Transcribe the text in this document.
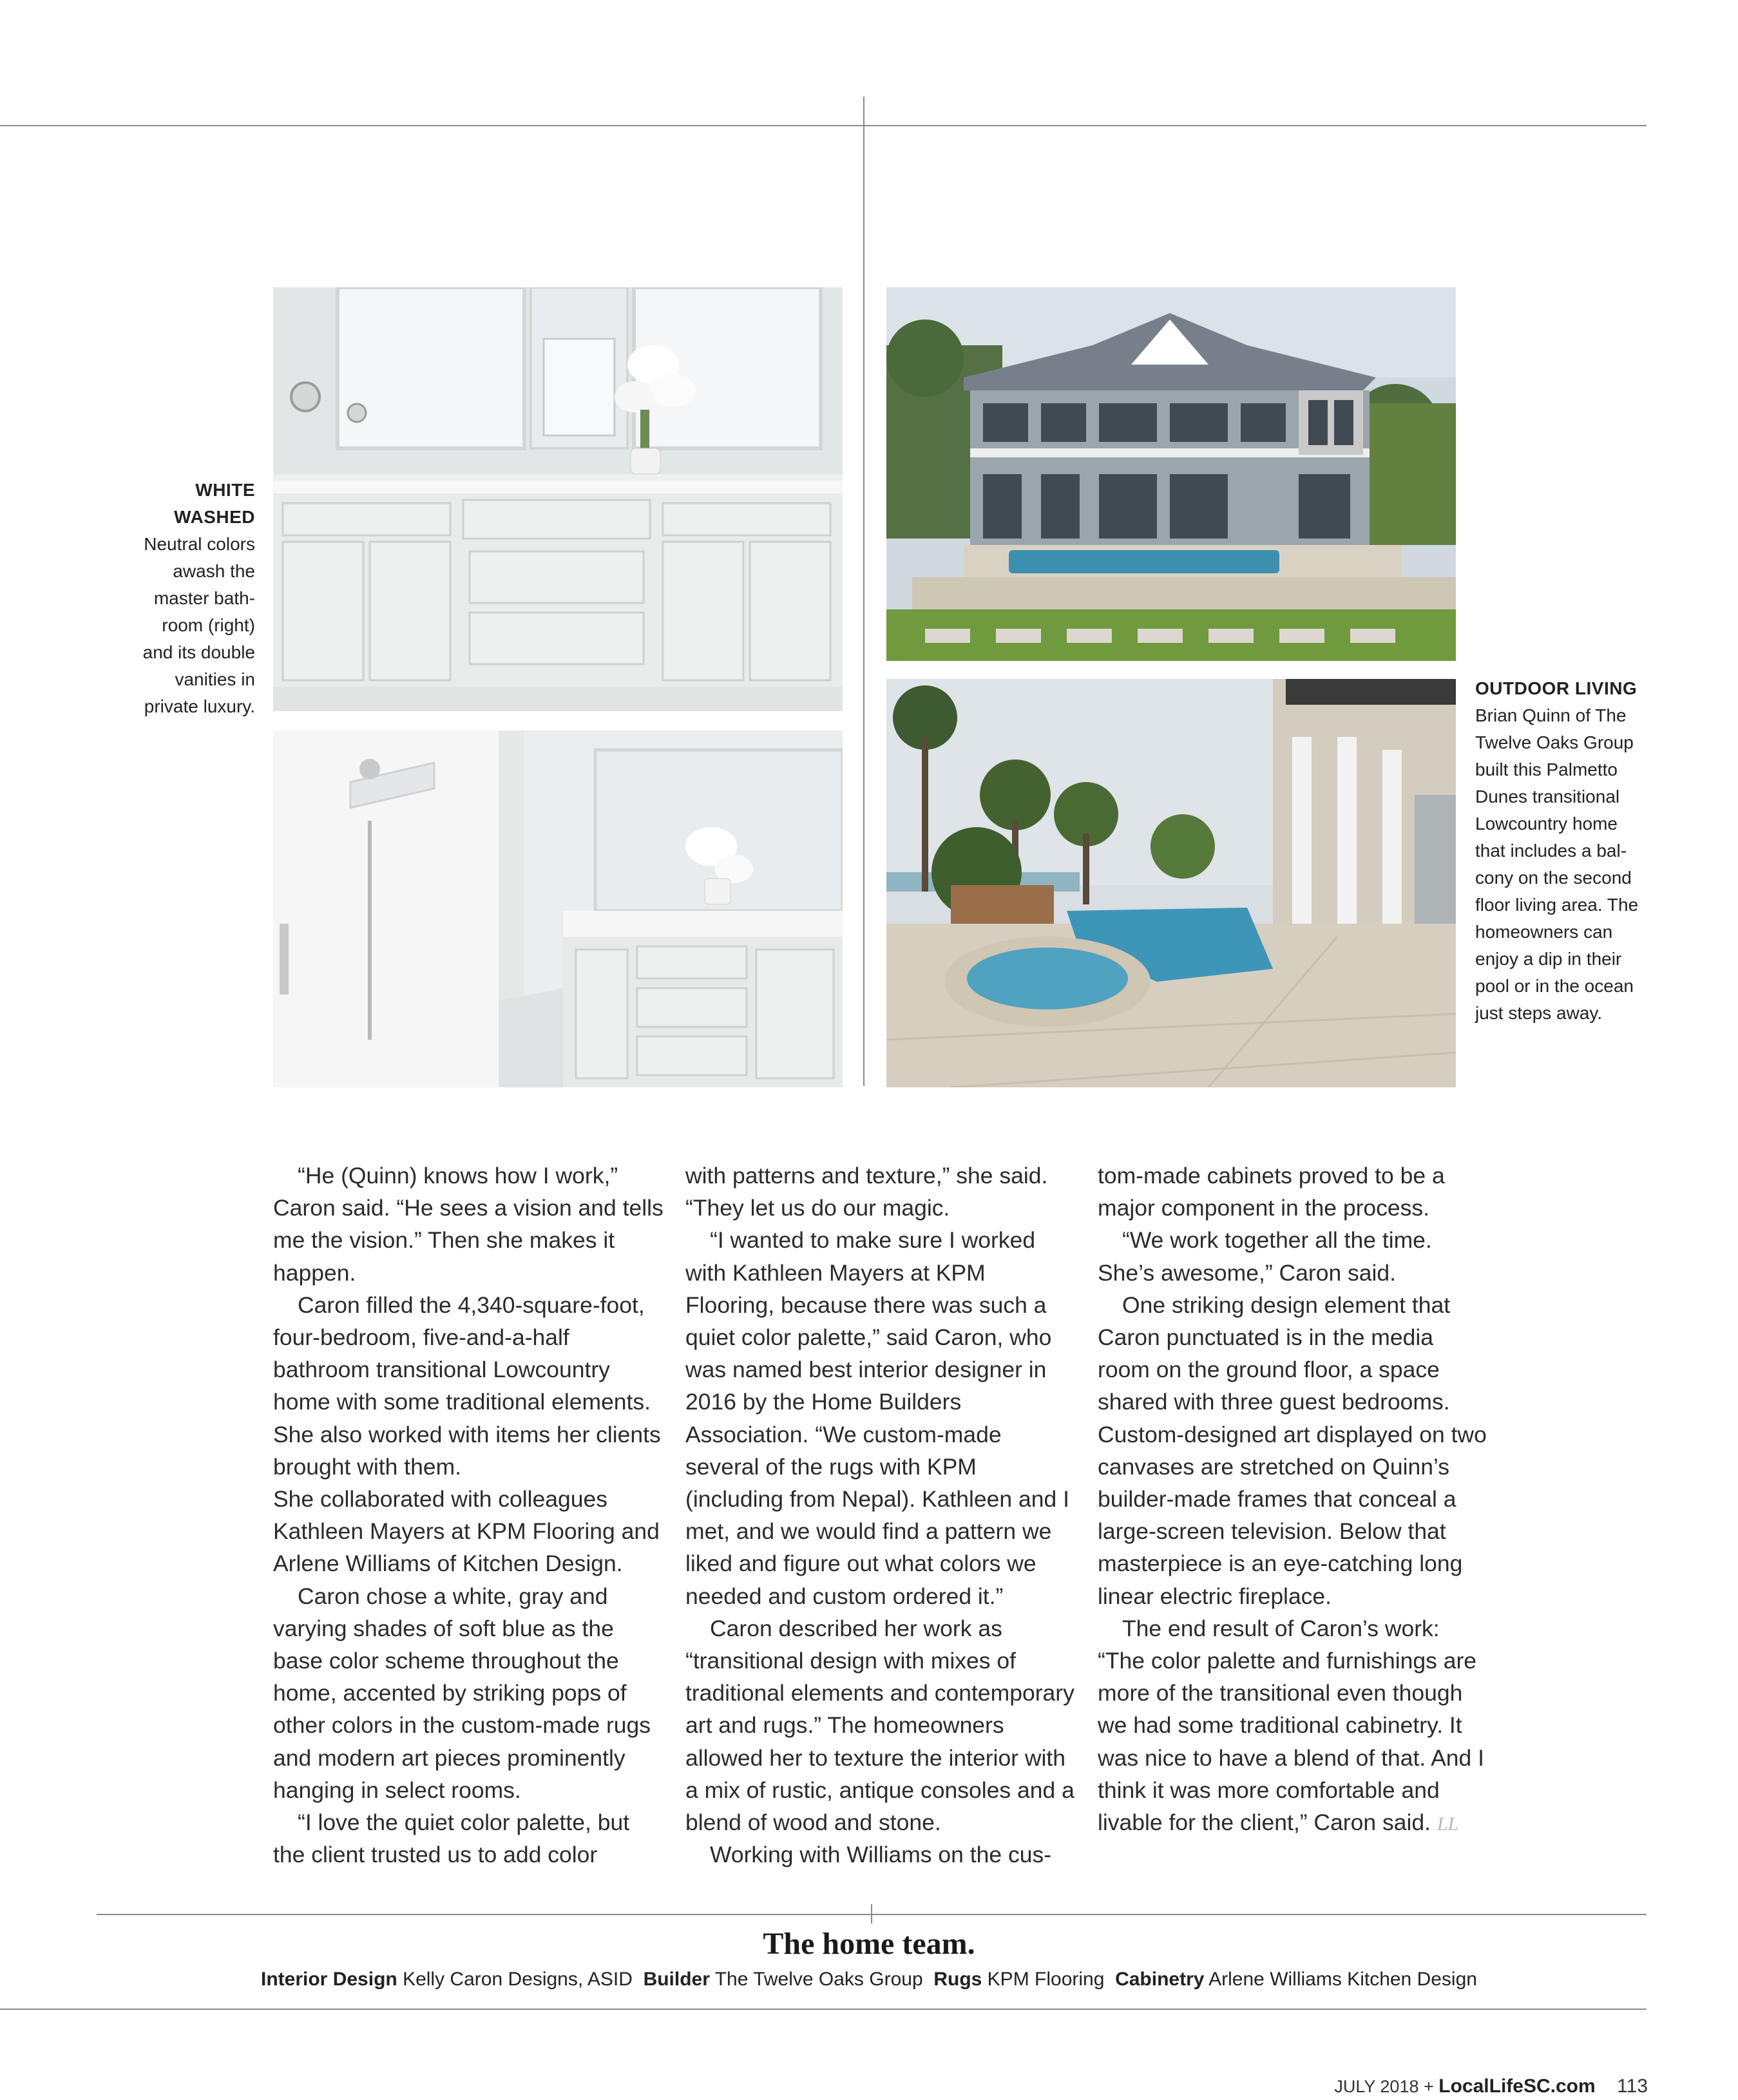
WHITE
WASHED
Neutral colors
awash the
master bath-
room (right)
and its double
vanities in
private luxury.
OUTDOOR LIVING
Brian Quinn of The
Twelve Oaks Group
built this Palmetto
Dunes transitional
Lowcountry home
that includes a bal-
cony on the second
floor living area. The
homeowners can
enjoy a dip in their
pool or in the ocean
just steps away.

“He (Quinn) knows how I work,” Caron said. “He sees a vision and tells me the vision.” Then she makes it happen.

Caron filled the 4,340-square-foot, four-bedroom, five-and-a-half bathroom transitional Lowcountry home with some traditional elements. She also worked with items her clients brought with them.

She collaborated with colleagues Kathleen Mayers at KPM Flooring and Arlene Williams of Kitchen Design.

Caron chose a white, gray and varying shades of soft blue as the base color scheme throughout the home, accented by striking pops of other colors in the custom-made rugs and modern art pieces prominently hanging in select rooms.

“I love the quiet color palette, but the client trusted us to add color

with patterns and texture,” she said. “They let us do our magic.

“I wanted to make sure I worked with Kathleen Mayers at KPM Flooring, because there was such a quiet color palette,” said Caron, who was named best interior designer in 2016 by the Home Builders Association. “We custom-made several of the rugs with KPM (including from Nepal). Kathleen and I met, and we would find a pattern we liked and figure out what colors we needed and custom ordered it.”

Caron described her work as “transitional design with mixes of traditional elements and contemporary art and rugs.” The homeowners allowed her to texture the interior with a mix of rustic, antique consoles and a blend of wood and stone.

Working with Williams on the cus-

tom-made cabinets proved to be a major component in the process.

“We work together all the time. She’s awesome,” Caron said.

One striking design element that Caron punctuated is in the media room on the ground floor, a space shared with three guest bedrooms. Custom-designed art displayed on two canvases are stretched on Quinn’s builder-made frames that conceal a large-screen television. Below that masterpiece is an eye-catching long linear electric fireplace.

The end result of Caron’s work: “The color palette and furnishings are more of the transitional even though we had some traditional cabinetry. It was nice to have a blend of that. And I think it was more comfortable and livable for the client,” Caron said. LL

The home team.
Interior Design Kelly Caron Designs, ASID Builder The Twelve Oaks Group Rugs KPM Flooring Cabinetry Arlene Williams Kitchen Design
JULY 2018 + LocalLifeSC.com 113
